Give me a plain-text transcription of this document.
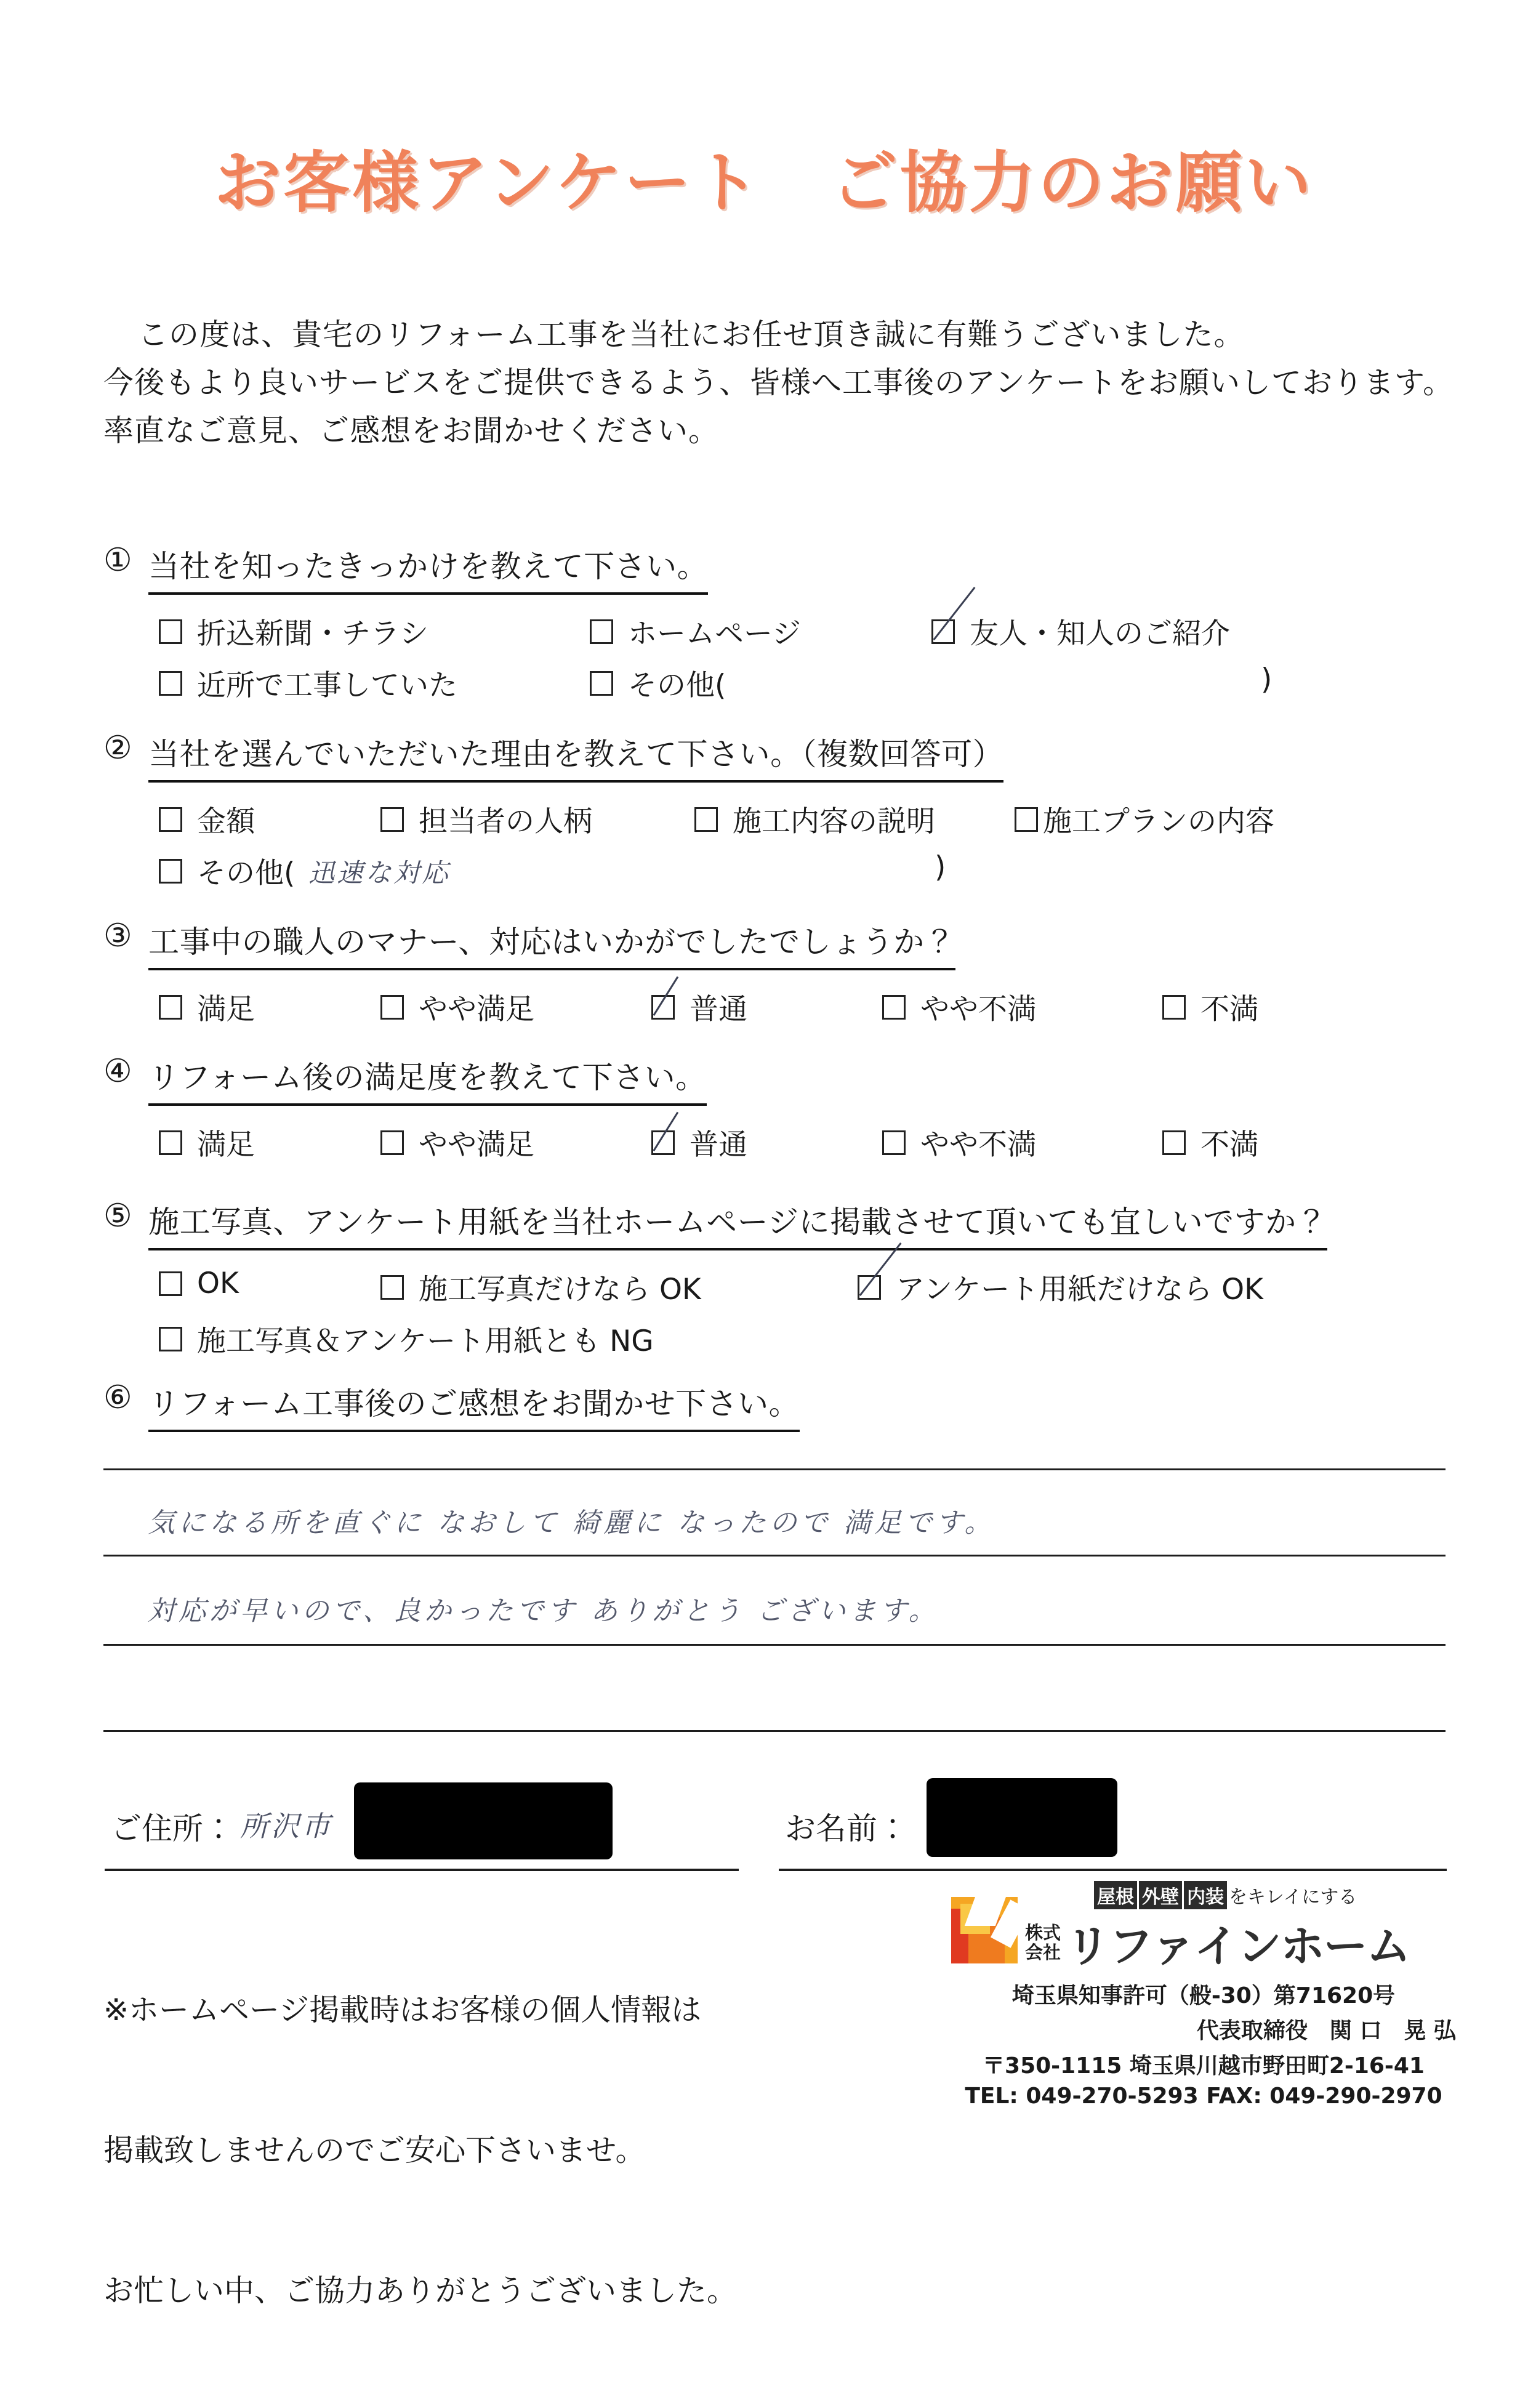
お客様アンケート　ご協力のお願い
この度は、貴宅のリフォーム工事を当社にお任せ頂き誠に有難うございました。
今後もより良いサービスをご提供できるよう、皆様へ工事後のアンケートをお願いしております。
率直なご意見、ご感想をお聞かせください。
① 当社を知ったきっかけを教えて下さい。
折込新聞・チラシ	ホームページ	友人・知人のご紹介
近所で工事していた	その他(	)
② 当社を選んでいただいた理由を教えて下さい。（複数回答可）
金額	担当者の人柄	施工内容の説明	施工プランの内容
その他( 迅速な対応	)
③ 工事中の職人のマナー、対応はいかがでしたでしょうか？
満足	やや満足	普通	やや不満	不満
④ リフォーム後の満足度を教えて下さい。
満足	やや満足	普通	やや不満	不満
⑤ 施工写真、アンケート用紙を当社ホームページに掲載させて頂いても宜しいですか？
OK	施工写真だけなら OK	アンケート用紙だけなら OK
施工写真＆アンケート用紙とも NG
⑥ リフォーム工事後のご感想をお聞かせ下さい。
気になる所を直ぐに なおして 綺麗に なったので 満足です。
対応が早いので、良かったです ありがとう ございます。
ご住所： 所沢市	お名前：

※ホームページ掲載時はお客様の個人情報は

掲載致しませんのでご安心下さいませ。

お忙しい中、ご協力ありがとうございました。

屋根 外壁 内装 をキレイにする
株式
会社 リファインホーム
埼玉県知事許可（般-30）第71620号
代表取締役　関 口　晃 弘
〒350-1115 埼玉県川越市野田町2-16-41
TEL: 049-270-5293 FAX: 049-290-2970
